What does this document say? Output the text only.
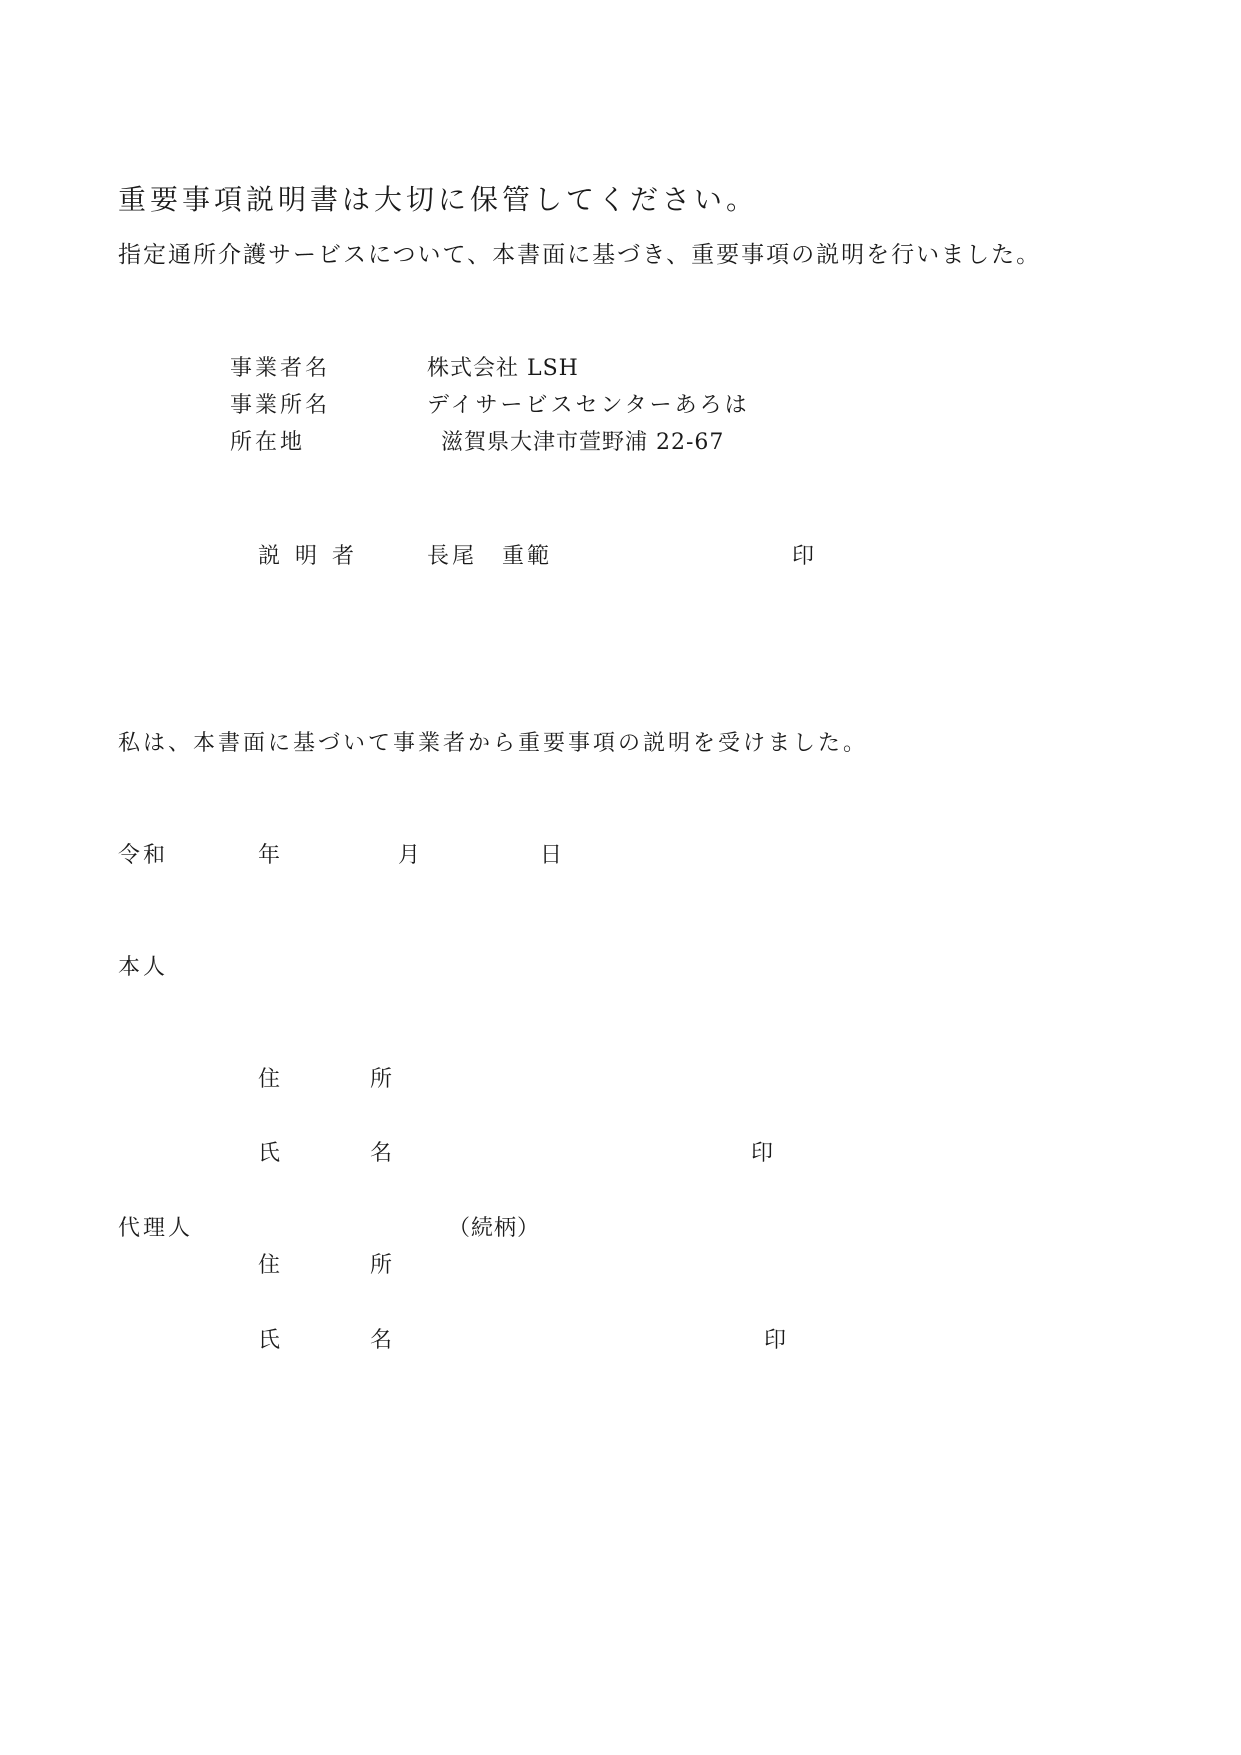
重要事項説明書は大切に保管してください。
指定通所介護サービスについて、本書面に基づき、重要事項の説明を行いました。
事業者名	株式会社 LSH
事業所名	デイサービスセンターあろは
所在地	滋賀県大津市萱野浦 22-67
説 明 者	長尾　重範	印
私は、本書面に基づいて事業者から重要事項の説明を受けました。
令和	年	月	日
本人
住	所
氏	名	印
代理人	（続柄）
住	所
氏	名	印
